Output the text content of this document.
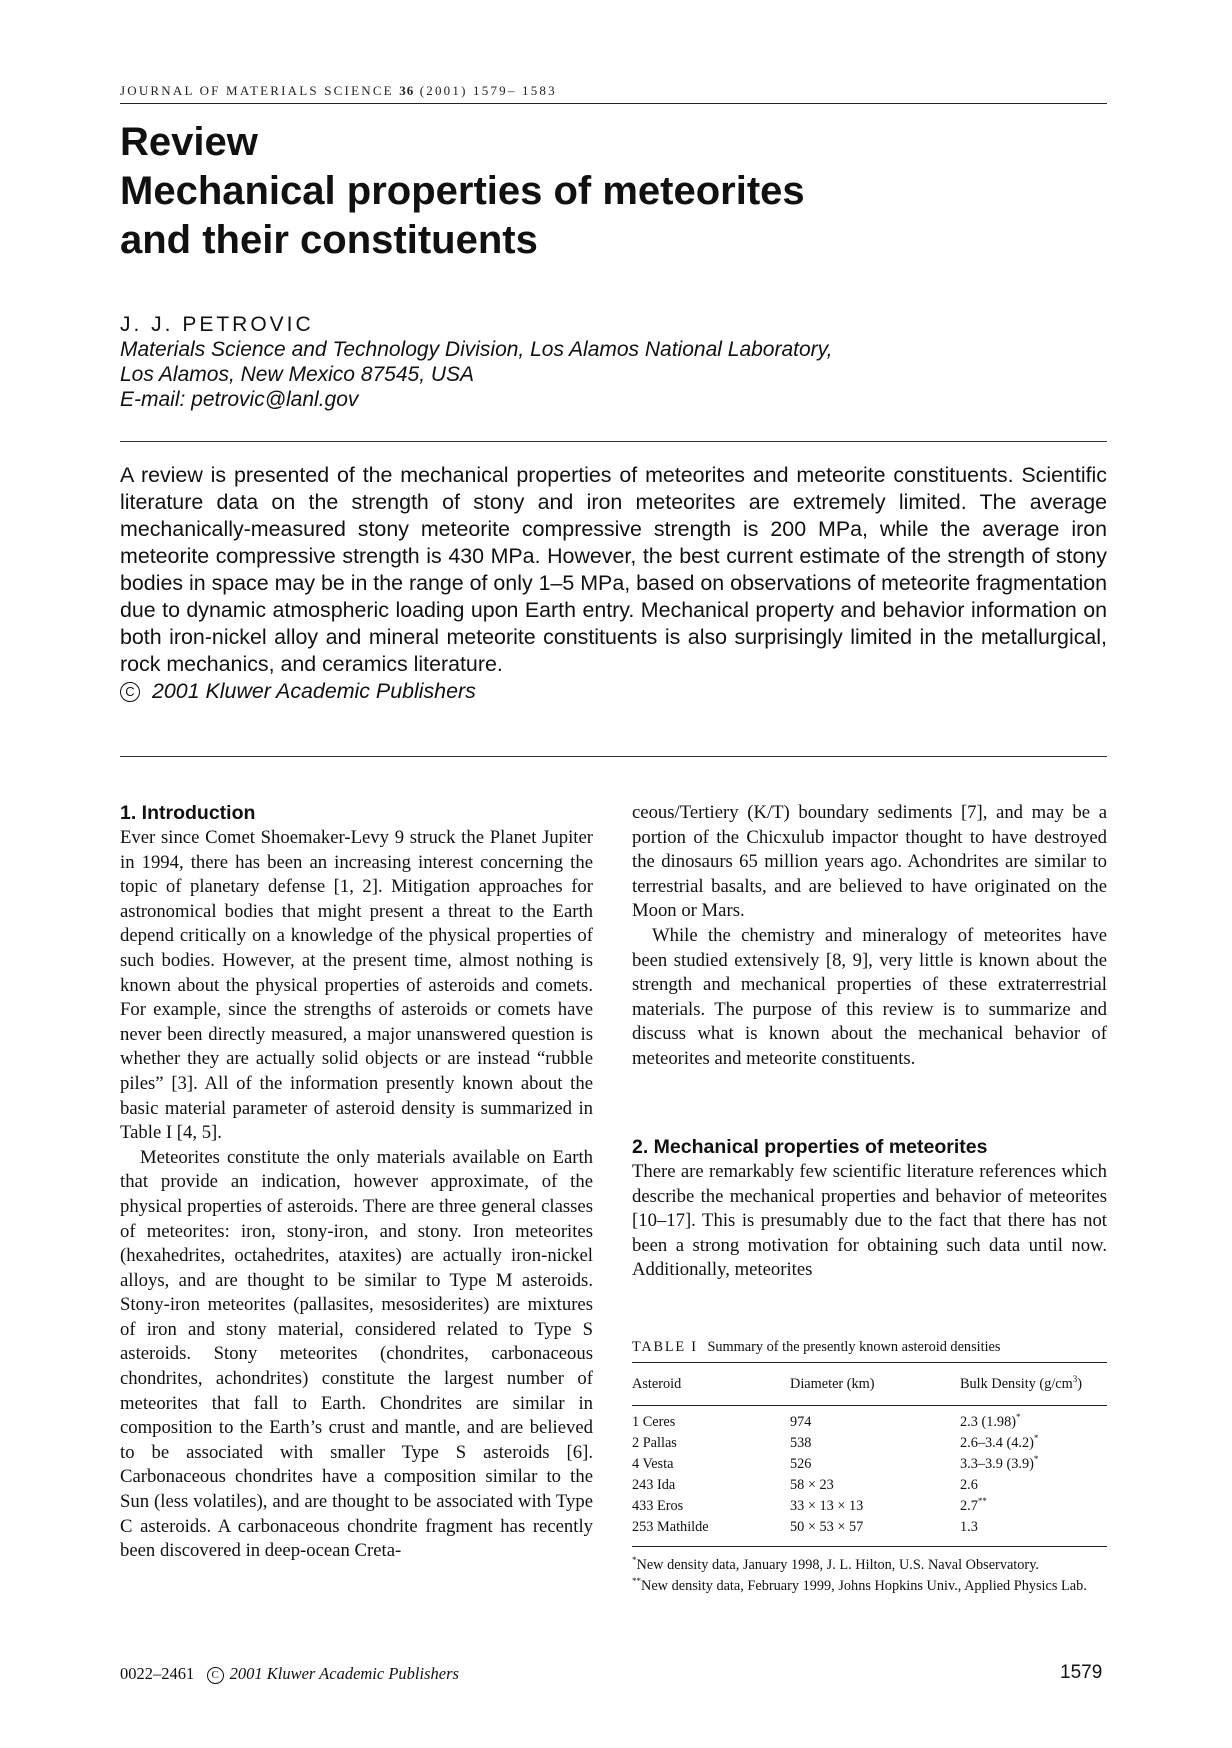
JOURNAL OF MATERIALS SCIENCE 36 (2001) 1579– 1583
Review
Mechanical properties of meteorites
and their constituents
J. J. PETROVIC
Materials Science and Technology Division, Los Alamos National Laboratory,
Los Alamos, New Mexico 87545, USA
E-mail: petrovic@lanl.gov

A review is presented of the mechanical properties of meteorites and meteorite constituents. Scientific literature data on the strength of stony and iron meteorites are extremely limited. The average mechanically-measured stony meteorite compressive strength is 200 MPa, while the average iron meteorite compressive strength is 430 MPa. However, the best current estimate of the strength of stony bodies in space may be in the range of only 1–5 MPa, based on observations of meteorite fragmentation due to dynamic atmospheric loading upon Earth entry. Mechanical property and behavior information on both iron-nickel alloy and mineral meteorite constituents is also surprisingly limited in the metallurgical, rock mechanics, and ceramics literature.

C 2001 Kluwer Academic Publishers
1. Introduction

Ever since Comet Shoemaker-Levy 9 struck the Planet Jupiter in 1994, there has been an increasing interest concerning the topic of planetary defense [1, 2]. Mitigation approaches for astronomical bodies that might present a threat to the Earth depend critically on a knowledge of the physical properties of such bodies. However, at the present time, almost nothing is known about the physical properties of asteroids and comets. For example, since the strengths of asteroids or comets have never been directly measured, a major unanswered question is whether they are actually solid objects or are instead “rubble piles” [3]. All of the information presently known about the basic material parameter of asteroid density is summarized in Table I [4, 5].

Meteorites constitute the only materials available on Earth that provide an indication, however approximate, of the physical properties of asteroids. There are three general classes of meteorites: iron, stony-iron, and stony. Iron meteorites (hexahedrites, octahedrites, ataxites) are actually iron-nickel alloys, and are thought to be similar to Type M asteroids. Stony-iron meteorites (pallasites, mesosiderites) are mixtures of iron and stony material, considered related to Type S asteroids. Stony meteorites (chondrites, carbonaceous chondrites, achondrites) constitute the largest number of meteorites that fall to Earth. Chondrites are similar in composition to the Earth’s crust and mantle, and are believed to be associated with smaller Type S asteroids [6]. Carbonaceous chondrites have a composition similar to the Sun (less volatiles), and are thought to be associated with Type C asteroids. A carbonaceous chondrite fragment has recently been discovered in deep-ocean Creta-

ceous/Tertiery (K/T) boundary sediments [7], and may be a portion of the Chicxulub impactor thought to have destroyed the dinosaurs 65 million years ago. Achondrites are similar to terrestrial basalts, and are believed to have originated on the Moon or Mars.

While the chemistry and mineralogy of meteorites have been studied extensively [8, 9], very little is known about the strength and mechanical properties of these extraterrestrial materials. The purpose of this review is to summarize and discuss what is known about the mechanical behavior of meteorites and meteorite constituents.

2. Mechanical properties of meteorites

There are remarkably few scientific literature references which describe the mechanical properties and behavior of meteorites [10–17]. This is presumably due to the fact that there has not been a strong motivation for obtaining such data until now. Additionally, meteorites

TABLE I Summary of the presently known asteroid densities
Asteroid	Diameter (km)	Bulk Density $(g/cm^3)$

1 Ceres	974	2.3 (1.98)*
2 Pallas	538	2.6–3.4 (4.2)*
4 Vesta	526	3.3–3.9 (3.9)*
243 Ida	58 × 23	2.6
433 Eros	33 × 13 × 13	2.7**
253 Mathilde	50 × 53 × 57	1.3

*New density data, January 1998, J. L. Hilton, U.S. Naval Observatory.

**New density data, February 1999, Johns Hopkins Univ., Applied Physics Lab.

0022–2461 C 2001 Kluwer Academic Publishers	1579
